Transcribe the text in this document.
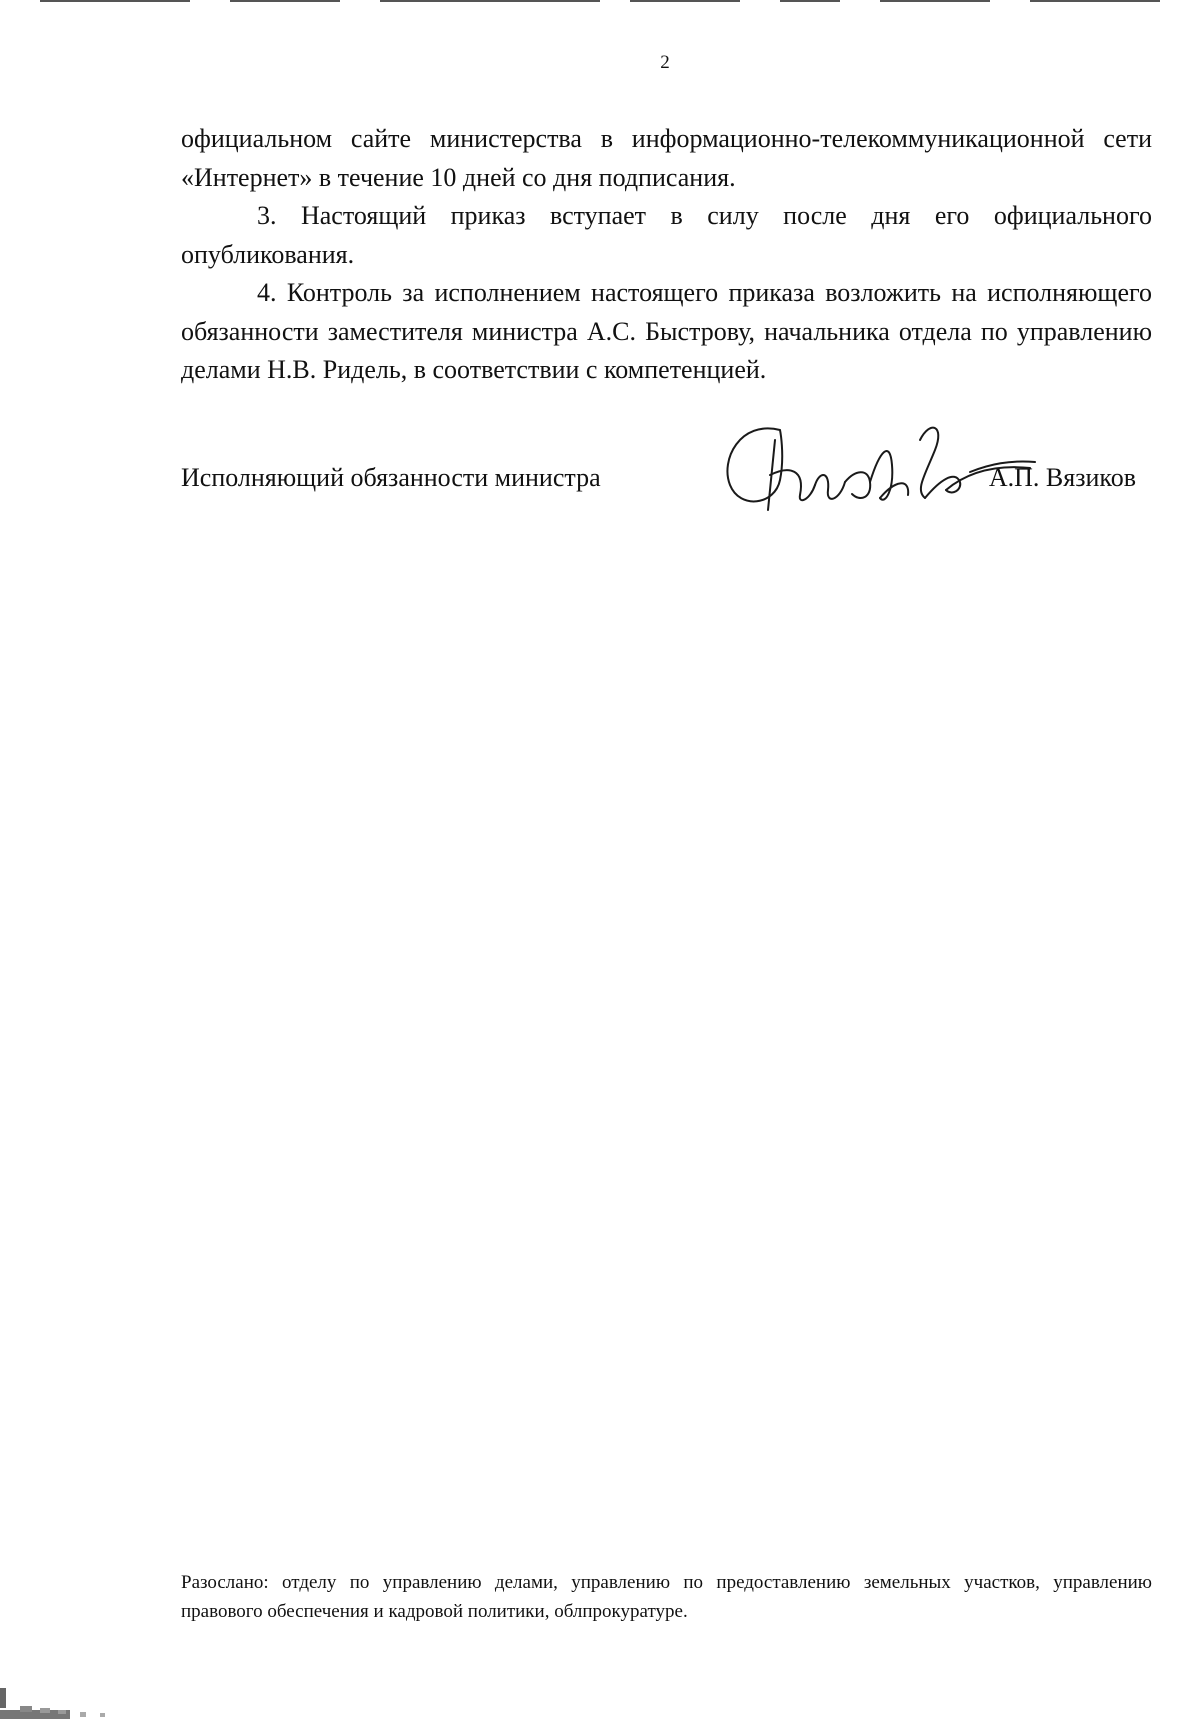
2

официальном сайте министерства в информационно-телекоммуникационной сети «Интернет» в течение 10 дней со дня подписания.

3. Настоящий приказ вступает в силу после дня его официального опубликования.

4. Контроль за исполнением настоящего приказа возложить на исполняющего обязанности заместителя министра А.С. Быстрову, начальника отдела по управлению делами Н.В. Ридель, в соответствии с компетенцией.

Исполняющий обязанности министра	А.П. Вязиков

Разослано: отделу по управлению делами, управлению по предоставлению земельных участков, управлению правового обеспечения и кадровой политики, облпрокуратуре.
